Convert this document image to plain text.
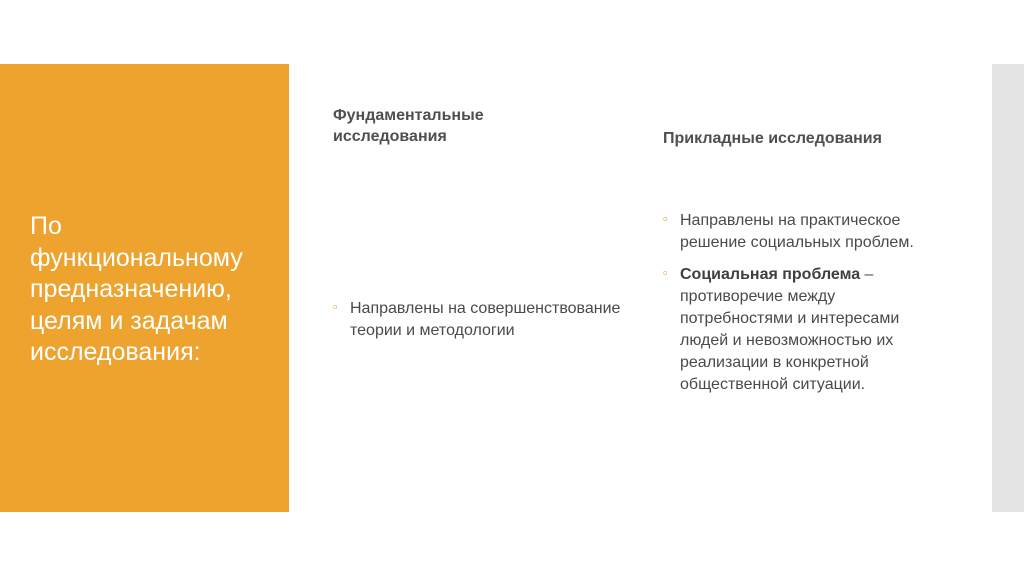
По функциональному предназначению, целям и задачам исследования:
Фундаментальные исследования
▫ Направлены на совершенствование теории и методологии
Прикладные исследования
▫ Направлены на практическое решение социальных проблем.
▫ Социальная проблема – противоречие между потребностями и интересами людей и невозможностью их реализации в конкретной общественной ситуации.
